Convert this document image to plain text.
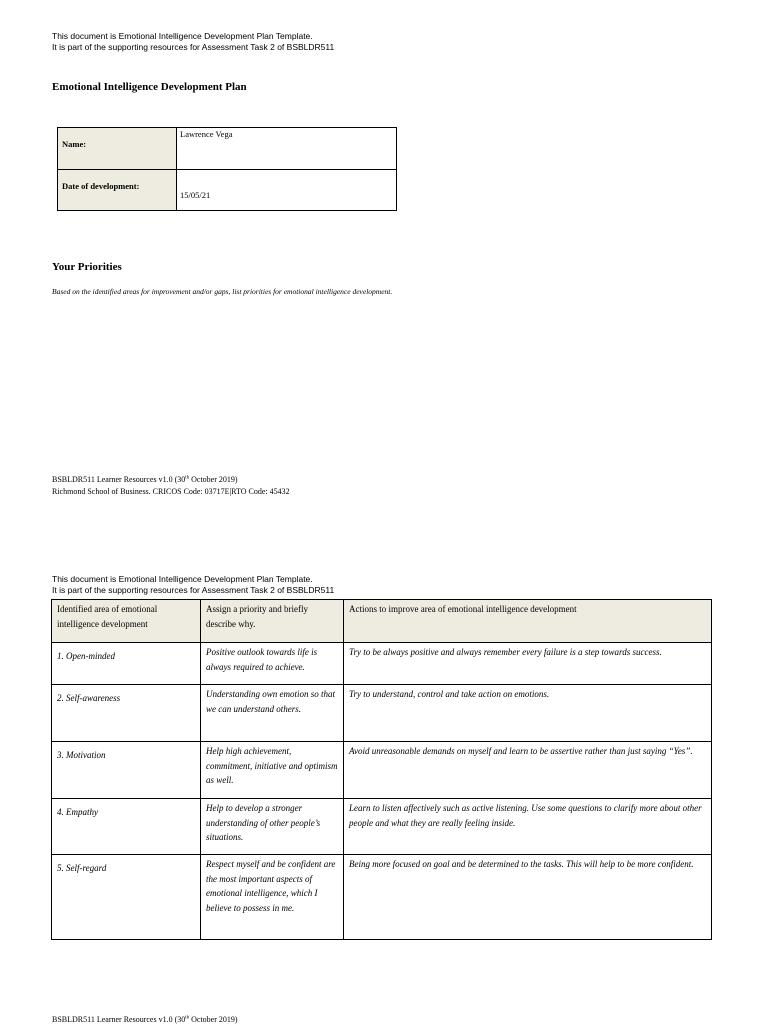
This document is Emotional Intelligence Development Plan Template.
It is part of the supporting resources for Assessment Task 2 of BSBLDR511
Emotional Intelligence Development Plan
Name:	Lawrence Vega

Date of development:	15/05/21
Your Priorities
Based on the identified areas for improvement and/or gaps, list priorities for emotional intelligence development.
BSBLDR511 Learner Resources v1.0 (30th October 2019)
Richmond School of Business. CRICOS Code: 03717E|RTO Code: 45432
This document is Emotional Intelligence Development Plan Template.
It is part of the supporting resources for Assessment Task 2 of BSBLDR511
Identified area of emotional intelligence development	Assign a priority and briefly describe why.	Actions to improve area of emotional intelligence development
1. Open-minded	Positive outlook towards life is always required to achieve.	Try to be always positive and always remember every failure is a step towards success.
2. Self-awareness	Understanding own emotion so that we can understand others.	Try to understand, control and take action on emotions.
3. Motivation	Help high achievement, commitment, initiative and optimism as well.	Avoid unreasonable demands on myself and learn to be assertive rather than just saying “Yes”.
4. Empathy	Help to develop a stronger understanding of other people’s situations.	Learn to listen affectively such as active listening. Use some questions to clarify more about other people and what they are really feeling inside.
5. Self-regard	Respect myself and be confident are the most important aspects of emotional intelligence, which I believe to possess in me.	Being more focused on goal and be determined to the tasks. This will help to be more confident.
BSBLDR511 Learner Resources v1.0 (30th October 2019)
